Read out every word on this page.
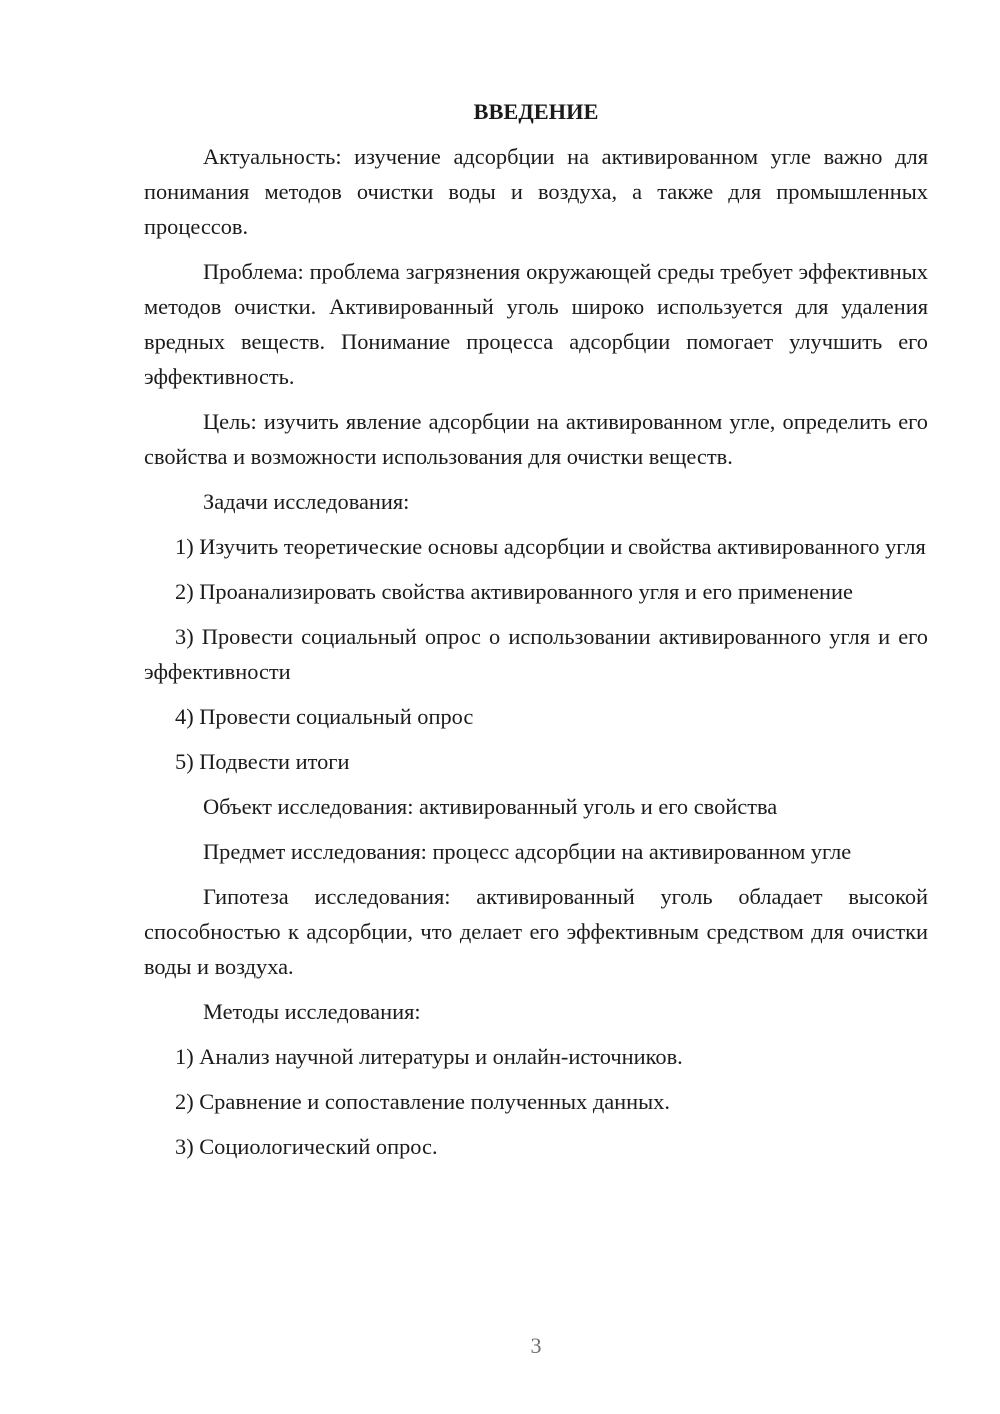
ВВЕДЕНИЕ

Актуальность: изучение адсорбции на активированном угле важно для понимания методов очистки воды и воздуха, а также для промышленных процессов.

Проблема: проблема загрязнения окружающей среды требует эффективных методов очистки. Активированный уголь широко используется для удаления вредных веществ. Понимание процесса адсорбции помогает улучшить его эффективность.

Цель: изучить явление адсорбции на активированном угле, определить его свойства и возможности использования для очистки веществ.

Задачи исследования:

1) Изучить теоретические основы адсорбции и свойства активированного угля

2) Проанализировать свойства активированного угля и его применение

3) Провести социальный опрос о использовании активированного угля и его эффективности

4) Провести социальный опрос

5) Подвести итоги

Объект исследования: активированный уголь и его свойства

Предмет исследования: процесс адсорбции на активированном угле

Гипотеза исследования: активированный уголь обладает высокой способностью к адсорбции, что делает его эффективным средством для очистки воды и воздуха.

Методы исследования:

1) Анализ научной литературы и онлайн-источников.

2) Сравнение и сопоставление полученных данных.

3) Социологический опрос.

3
